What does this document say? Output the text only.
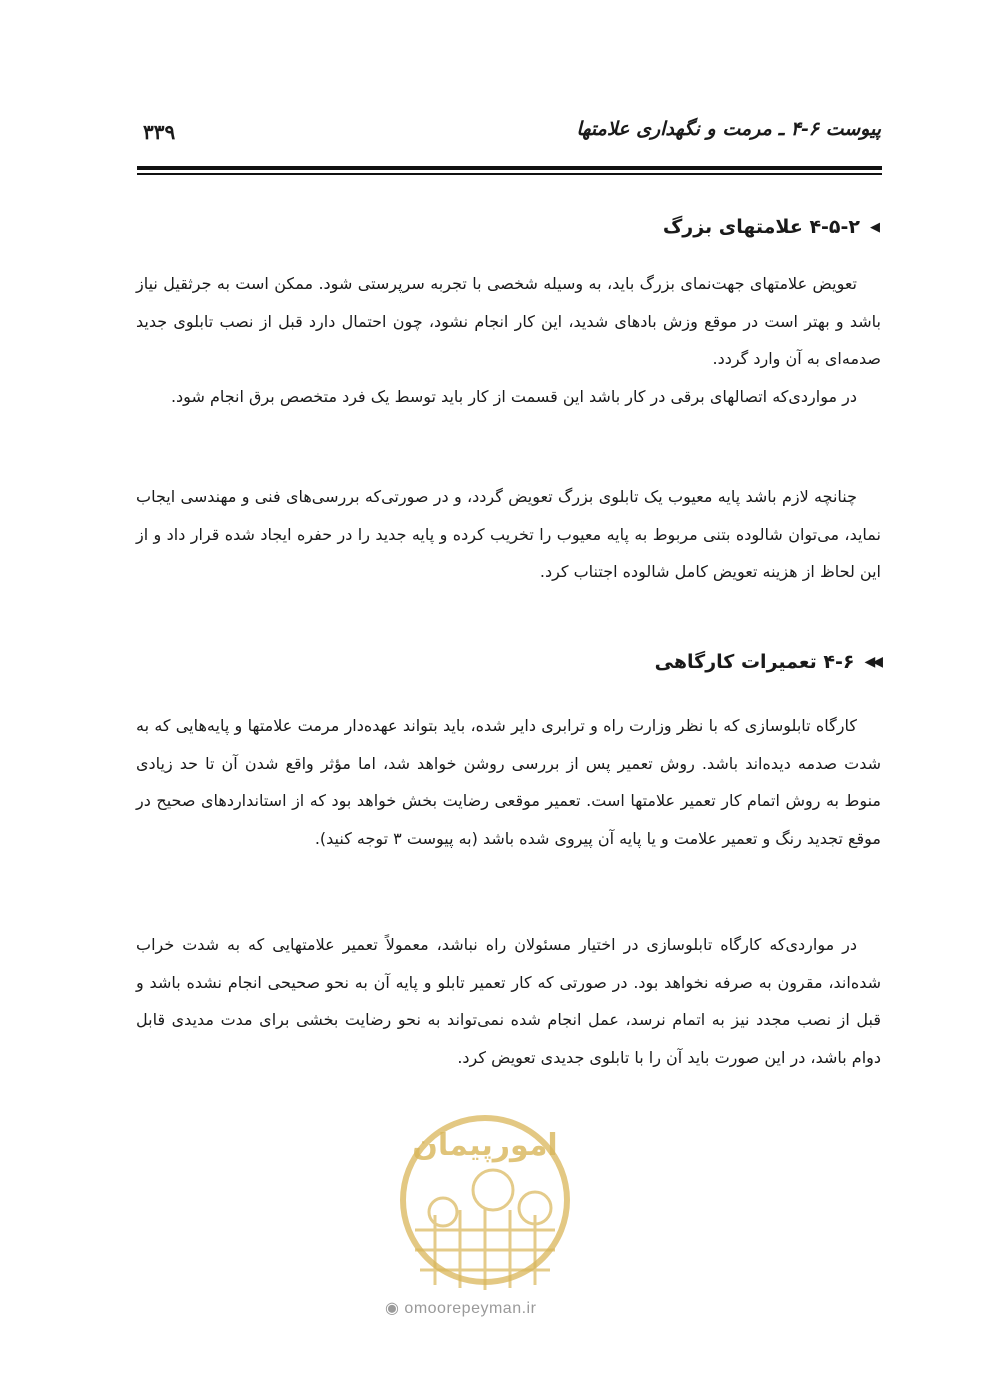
پیوست ۶-۴ ـ مرمت و نگهداری علامتها
۳۳۹
◀
۴-۵-۲ علامتهای بزرگ
تعویض علامتهای جهت‌نمای بزرگ باید، به وسیله شخصی با تجربه سرپرستی شود. ممکن است به جرثقیل نیاز باشد و بهتر است در موقع وزش بادهای شدید، این کار انجام نشود، چون احتمال دارد قبل از نصب تابلوی جدید صدمه‌ای به آن وارد گردد.
در مواردی‌که اتصالهای برقی در کار باشد این قسمت از کار باید توسط یک فرد متخصص برق انجام شود.
چنانچه لازم باشد پایه معیوب یک تابلوی بزرگ تعویض گردد، و در صورتی‌که بررسی‌های فنی و مهندسی ایجاب نماید، می‌توان شالوده بتنی مربوط به پایه معیوب را تخریب کرده و پایه جدید را در حفره ایجاد شده قرار داد و از این لحاظ از هزینه تعویض کامل شالوده اجتناب کرد.
◀◀
۴-۶ تعمیرات کارگاهی
کارگاه تابلوسازی که با نظر وزارت راه و ترابری دایر شده، باید بتواند عهده‌دار مرمت علامتها و پایه‌هایی که به شدت صدمه دیده‌اند باشد. روش تعمیر پس از بررسی روشن خواهد شد، اما مؤثر واقع شدن آن تا حد زیادی منوط به روش اتمام کار تعمیر علامتها است. تعمیر موقعی رضایت بخش خواهد بود که از استانداردهای صحیح در موقع تجدید رنگ و تعمیر علامت و یا پایه آن پیروی شده باشد (به پیوست ۳ توجه کنید).
در مواردی‌که کارگاه تابلوسازی در اختیار مسئولان راه نباشد، معمولاً تعمیر علامتهایی که به شدت خراب شده‌اند، مقرون به صرفه نخواهد بود. در صورتی که کار تعمیر تابلو و پایه آن به نحو صحیحی انجام نشده باشد و قبل از نصب مجدد نیز به اتمام نرسد، عمل انجام شده نمی‌تواند به نحو رضایت بخشی برای مدت مدیدی قابل دوام باشد، در این صورت باید آن را با تابلوی جدیدی تعویض کرد.
امورپیمان
◉ omoorepeyman.ir
